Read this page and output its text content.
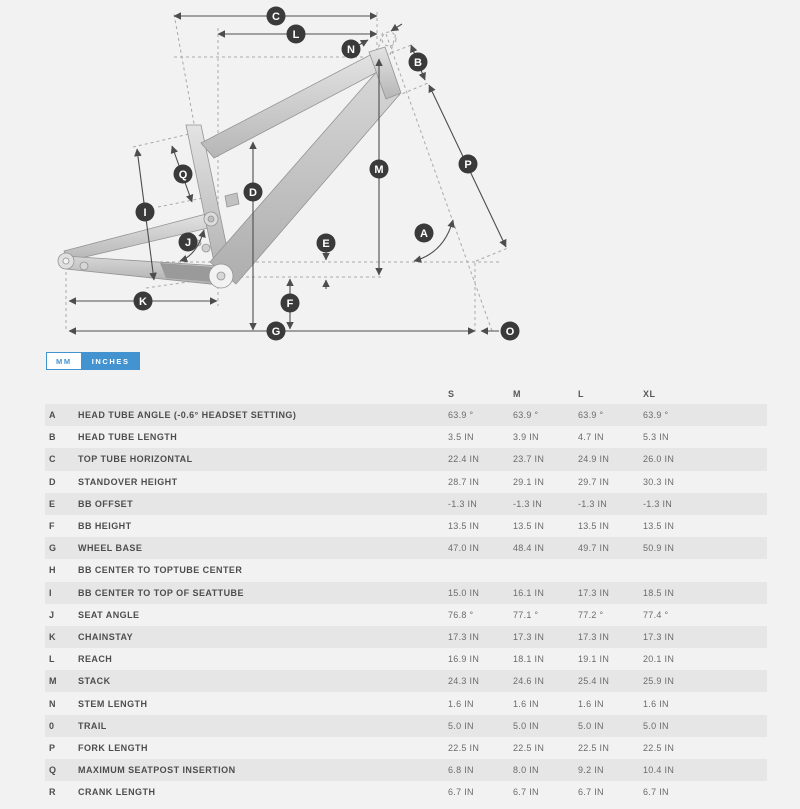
C
L
N
B
P
M
D
Q
I
J	E
A
K	F
G	O
MM	INCHES
S	M	L	XL
A	HEAD TUBE ANGLE (-0.6° HEADSET SETTING)	63.9 °	63.9 °	63.9 °	63.9 °
B	HEAD TUBE LENGTH	3.5 IN	3.9 IN	4.7 IN	5.3 IN
C	TOP TUBE HORIZONTAL	22.4 IN	23.7 IN	24.9 IN	26.0 IN
D	STANDOVER HEIGHT	28.7 IN	29.1 IN	29.7 IN	30.3 IN
E	BB OFFSET	-1.3 IN	-1.3 IN	-1.3 IN	-1.3 IN
F	BB HEIGHT	13.5 IN	13.5 IN	13.5 IN	13.5 IN
G	WHEEL BASE	47.0 IN	48.4 IN	49.7 IN	50.9 IN
H	BB CENTER TO TOPTUBE CENTER
I	BB CENTER TO TOP OF SEATTUBE	15.0 IN	16.1 IN	17.3 IN	18.5 IN
J	SEAT ANGLE	76.8 °	77.1 °	77.2 °	77.4 °
K	CHAINSTAY	17.3 IN	17.3 IN	17.3 IN	17.3 IN
L	REACH	16.9 IN	18.1 IN	19.1 IN	20.1 IN
M	STACK	24.3 IN	24.6 IN	25.4 IN	25.9 IN
N	STEM LENGTH	1.6 IN	1.6 IN	1.6 IN	1.6 IN
0	TRAIL	5.0 IN	5.0 IN	5.0 IN	5.0 IN
P	FORK LENGTH	22.5 IN	22.5 IN	22.5 IN	22.5 IN
Q	MAXIMUM SEATPOST INSERTION	6.8 IN	8.0 IN	9.2 IN	10.4 IN
R	CRANK LENGTH	6.7 IN	6.7 IN	6.7 IN	6.7 IN
